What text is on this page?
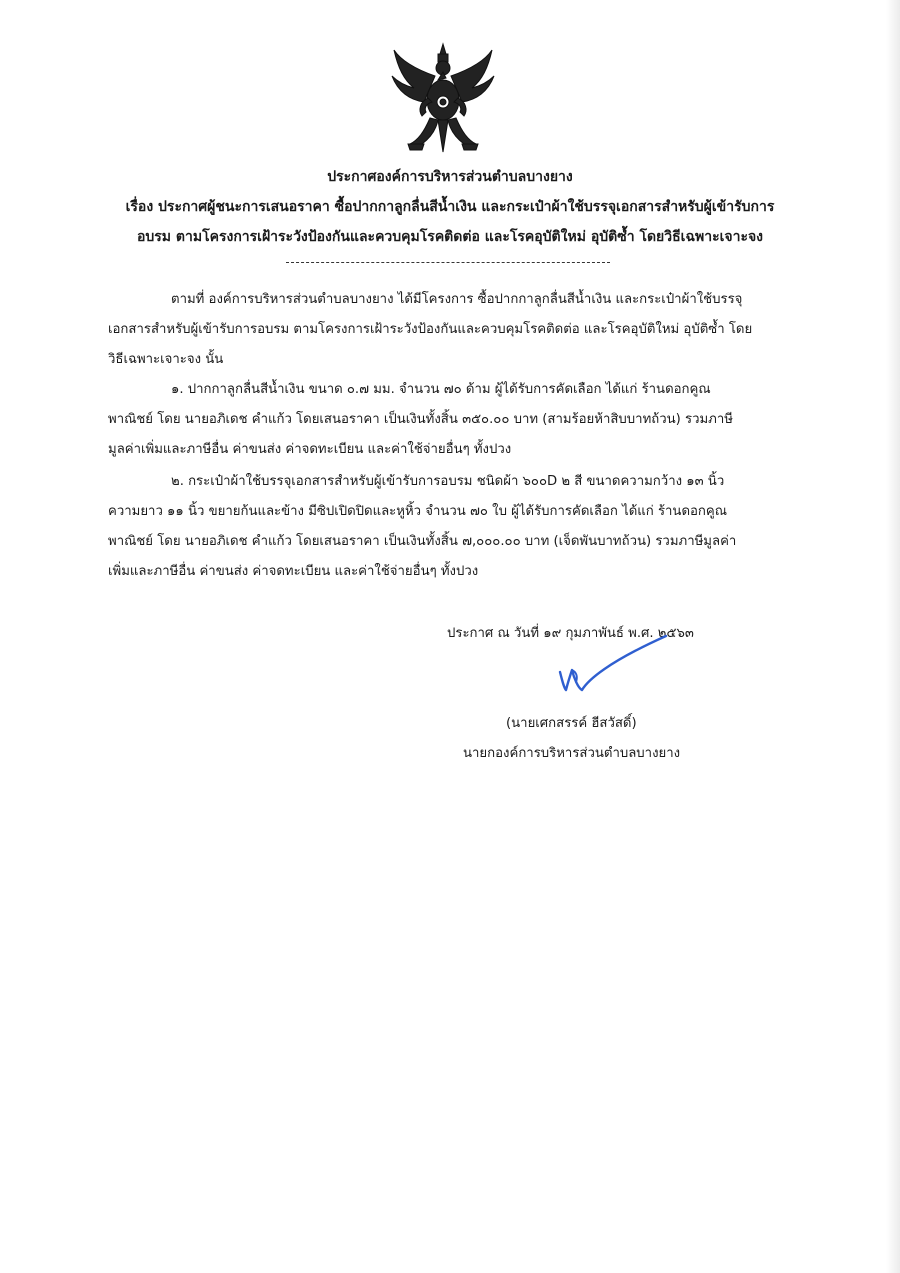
ประกาศองค์การบริหารส่วนตำบลบางยาง
เรื่อง ประกาศผู้ชนะการเสนอราคา ซื้อปากกาลูกลื่นสีน้ำเงิน และกระเป๋าผ้าใช้บรรจุเอกสารสำหรับผู้เข้ารับการ
อบรม ตามโครงการเฝ้าระวังป้องกันและควบคุมโรคติดต่อ และโรคอุบัติใหม่ อุบัติซ้ำ โดยวิธีเฉพาะเจาะจง
ตามที่ องค์การบริหารส่วนตำบลบางยาง ได้มีโครงการ ซื้อปากกาลูกลื่นสีน้ำเงิน และกระเป๋าผ้าใช้บรรจุ
เอกสารสำหรับผู้เข้ารับการอบรม ตามโครงการเฝ้าระวังป้องกันและควบคุมโรคติดต่อ และโรคอุบัติใหม่ อุบัติซ้ำ โดย
วิธีเฉพาะเจาะจง นั้น
๑. ปากกาลูกลื่นสีน้ำเงิน ขนาด ๐.๗ มม. จำนวน ๗๐ ด้าม ผู้ได้รับการคัดเลือก ได้แก่ ร้านดอกคูณ
พาณิชย์ โดย นายอภิเดช คำแก้ว โดยเสนอราคา เป็นเงินทั้งสิ้น ๓๕๐.๐๐ บาท (สามร้อยห้าสิบบาทถ้วน) รวมภาษี
มูลค่าเพิ่มและภาษีอื่น ค่าขนส่ง ค่าจดทะเบียน และค่าใช้จ่ายอื่นๆ ทั้งปวง
๒. กระเป๋าผ้าใช้บรรจุเอกสารสำหรับผู้เข้ารับการอบรม ชนิดผ้า ๖๐๐D ๒ สี ขนาดความกว้าง ๑๓ นิ้ว
ความยาว ๑๑ นิ้ว ขยายก้นและข้าง มีซิปเปิดปิดและหูหิ้ว จำนวน ๗๐ ใบ ผู้ได้รับการคัดเลือก ได้แก่ ร้านดอกคูณ
พาณิชย์ โดย นายอภิเดช คำแก้ว โดยเสนอราคา เป็นเงินทั้งสิ้น ๗,๐๐๐.๐๐ บาท (เจ็ดพันบาทถ้วน) รวมภาษีมูลค่า
เพิ่มและภาษีอื่น ค่าขนส่ง ค่าจดทะเบียน และค่าใช้จ่ายอื่นๆ ทั้งปวง
ประกาศ ณ วันที่ ๑๙ กุมภาพันธ์ พ.ศ. ๒๕๖๓
(นายเศกสรรค์ ฮีสวัสดิ์)
นายกองค์การบริหารส่วนตำบลบางยาง
